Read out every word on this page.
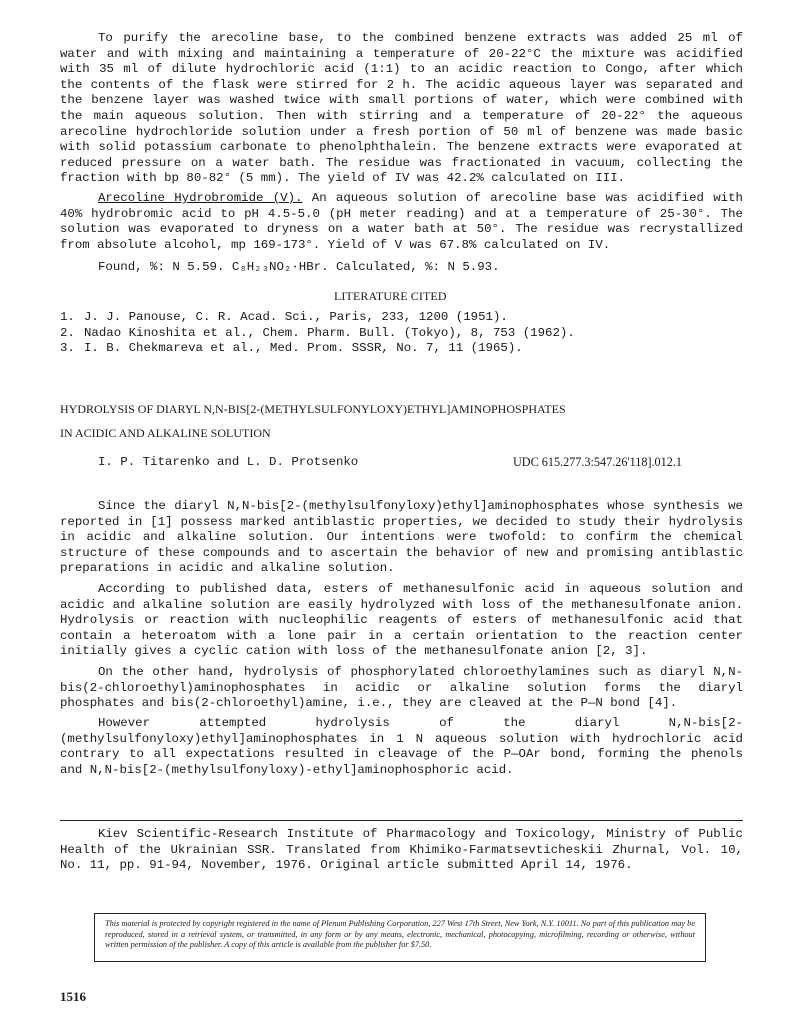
To purify the arecoline base, to the combined benzene extracts was added 25 ml of water and with mixing and maintaining a temperature of 20-22°C the mixture was acidified with 35 ml of dilute hydrochloric acid (1:1) to an acidic reaction to Congo, after which the contents of the flask were stirred for 2 h. The acidic aqueous layer was separated and the benzene layer was washed twice with small portions of water, which were combined with the main aqueous solution. Then with stirring and a temperature of 20-22° the aqueous arecoline hydrochloride solution under a fresh portion of 50 ml of benzene was made basic with solid potassium carbonate to phenolphthalein. The benzene extracts were evaporated at reduced pressure on a water bath. The residue was fractionated in vacuum, collecting the fraction with bp 80-82° (5 mm). The yield of IV was 42.2% calculated on III.

Arecoline Hydrobromide (V). An aqueous solution of arecoline base was acidified with 40% hydrobromic acid to pH 4.5-5.0 (pH meter reading) and at a temperature of 25-30°. The solution was evaporated to dryness on a water bath at 50°. The residue was recrystallized from absolute alcohol, mp 169-173°. Yield of V was 67.8% calculated on IV.

Found, %: N 5.59. C₈H₂₃NO₂·HBr. Calculated, %: N 5.93.

LITERATURE CITED

1. J. J. Panouse, C. R. Acad. Sci., Paris, 233, 1200 (1951).
2. Nadao Kinoshita et al., Chem. Pharm. Bull. (Tokyo), 8, 753 (1962).
3. I. B. Chekmareva et al., Med. Prom. SSSR, No. 7, 11 (1965).

HYDROLYSIS OF DIARYL N,N-BIS[2-(METHYLSULFONYLOXY)ETHYL]AMINOPHOSPHATES

IN ACIDIC AND ALKALINE SOLUTION

I. P. Titarenko and L. D. Protsenko	UDC 615.277.3:547.26'118].012.1

Since the diaryl N,N-bis[2-(methylsulfonyloxy)ethyl]aminophosphates whose synthesis we reported in [1] possess marked antiblastic properties, we decided to study their hydrolysis in acidic and alkaline solution. Our intentions were twofold: to confirm the chemical structure of these compounds and to ascertain the behavior of new and promising antiblastic preparations in acidic and alkaline solution.

According to published data, esters of methanesulfonic acid in aqueous solution and acidic and alkaline solution are easily hydrolyzed with loss of the methanesulfonate anion. Hydrolysis or reaction with nucleophilic reagents of esters of methanesulfonic acid that contain a heteroatom with a lone pair in a certain orientation to the reaction center initially gives a cyclic cation with loss of the methanesulfonate anion [2, 3].

On the other hand, hydrolysis of phosphorylated chloroethylamines such as diaryl N,N-bis(2-chloroethyl)aminophosphates in acidic or alkaline solution forms the diaryl phosphates and bis(2-chloroethyl)amine, i.e., they are cleaved at the P—N bond [4].

However attempted hydrolysis of the diaryl N,N-bis[2-(methylsulfonyloxy)ethyl]aminophosphates in 1 N aqueous solution with hydrochloric acid contrary to all expectations resulted in cleavage of the P—OAr bond, forming the phenols and N,N-bis[2-(methylsulfonyloxy)-ethyl]aminophosphoric acid.

Kiev Scientific-Research Institute of Pharmacology and Toxicology, Ministry of Public Health of the Ukrainian SSR. Translated from Khimiko-Farmatsevticheskii Zhurnal, Vol. 10, No. 11, pp. 91-94, November, 1976. Original article submitted April 14, 1976.

This material is protected by copyright registered in the name of Plenum Publishing Corporation, 227 West 17th Street, New York, N.Y. 10011. No part of this publication may be reproduced, stored in a retrieval system, or transmitted, in any form or by any means, electronic, mechanical, photocopying, microfilming, recording or otherwise, without written permission of the publisher. A copy of this article is available from the publisher for $7.50.

1516
